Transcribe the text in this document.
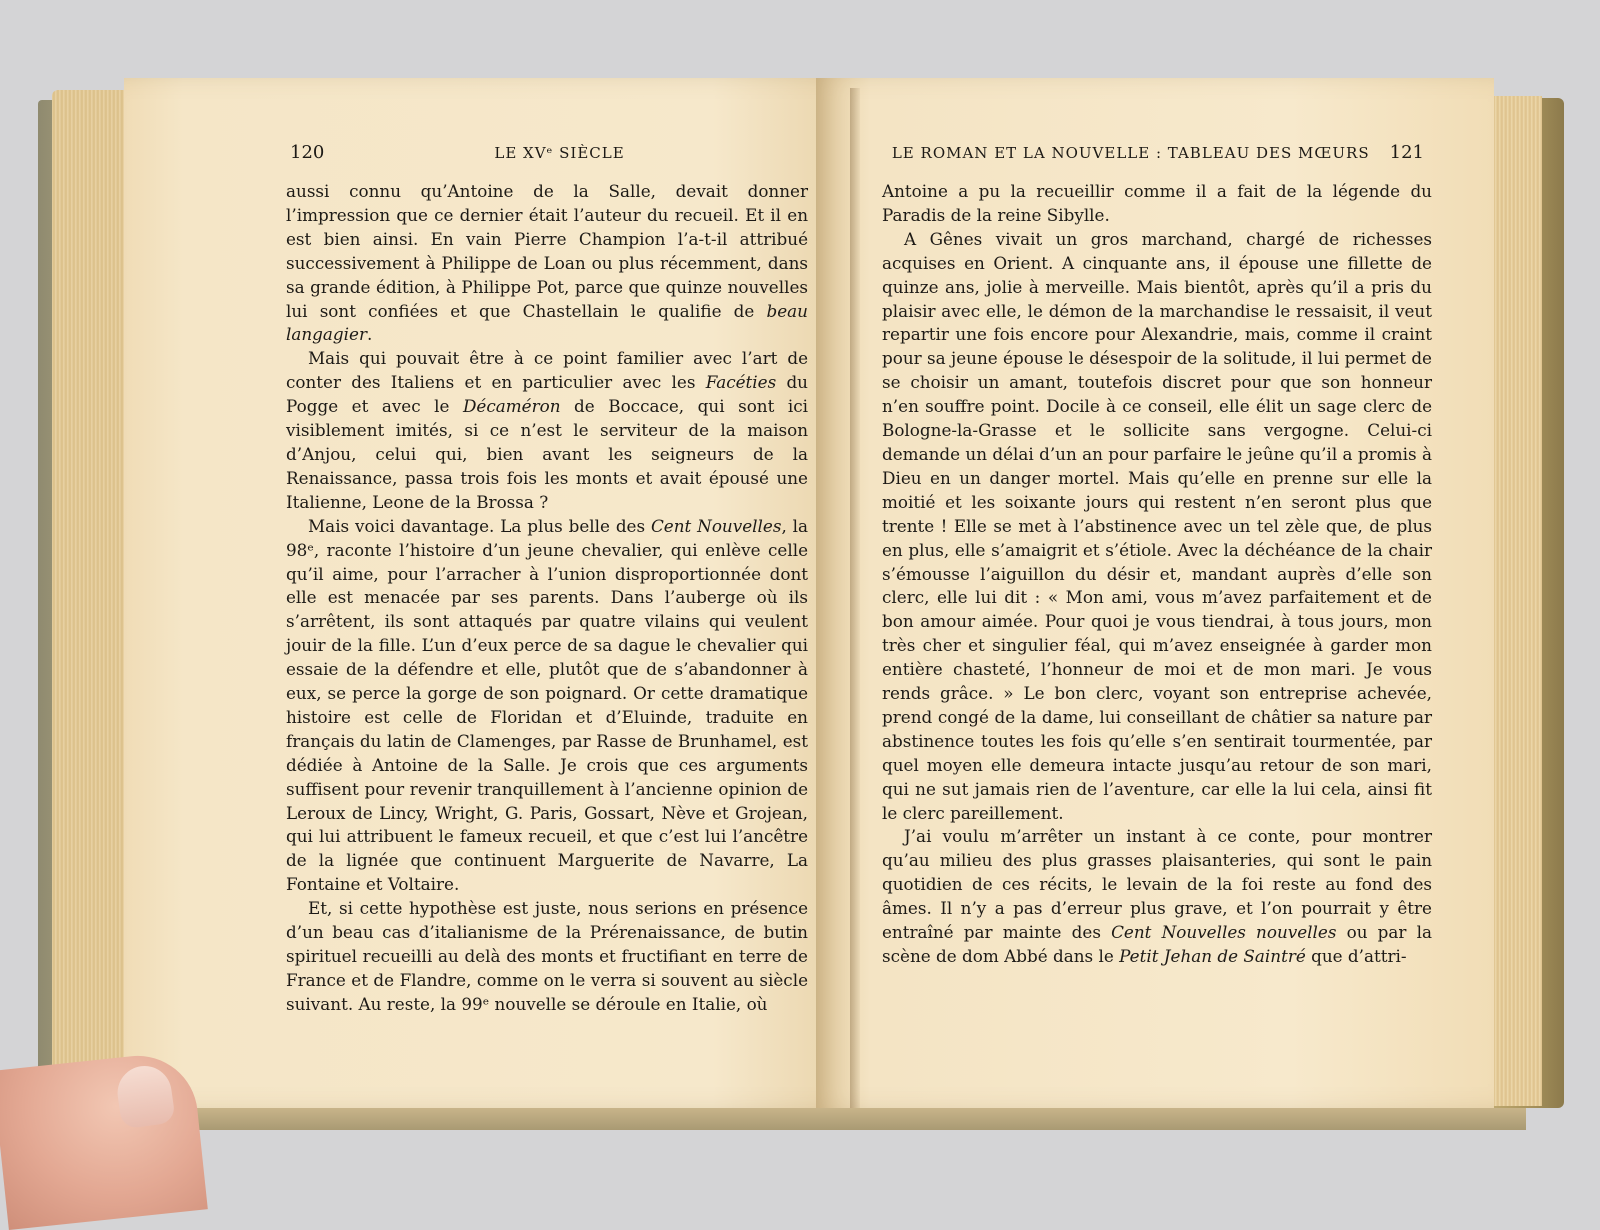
120	LE XVᵉ SIÈCLE

aussi connu qu’Antoine de la Salle, devait donner l’impression que ce dernier était l’auteur du recueil. Et il en est bien ainsi. En vain Pierre Champion l’a-t-il attribué successivement à Philippe de Loan ou plus récemment, dans sa grande édition, à Philippe Pot, parce que quinze nouvelles lui sont confiées et que Chastellain le qualifie de beau langagier.

Mais qui pouvait être à ce point familier avec l’art de conter des Italiens et en particulier avec les Facéties du Pogge et avec le Décaméron de Boccace, qui sont ici visiblement imités, si ce n’est le serviteur de la maison d’Anjou, celui qui, bien avant les seigneurs de la Renaissance, passa trois fois les monts et avait épousé une Italienne, Leone de la Brossa ?

Mais voici davantage. La plus belle des Cent Nouvelles, la 98ᵉ, raconte l’histoire d’un jeune chevalier, qui enlève celle qu’il aime, pour l’arracher à l’union disproportionnée dont elle est menacée par ses parents. Dans l’auberge où ils s’arrêtent, ils sont attaqués par quatre vilains qui veulent jouir de la fille. L’un d’eux perce de sa dague le chevalier qui essaie de la défendre et elle, plutôt que de s’abandonner à eux, se perce la gorge de son poignard. Or cette dramatique histoire est celle de Floridan et d’Eluinde, traduite en français du latin de Clamenges, par Rasse de Brunhamel, est dédiée à Antoine de la Salle. Je crois que ces arguments suffisent pour revenir tranquillement à l’ancienne opinion de Leroux de Lincy, Wright, G. Paris, Gossart, Nève et Grojean, qui lui attribuent le fameux recueil, et que c’est lui l’ancêtre de la lignée que continuent Marguerite de Navarre, La Fontaine et Voltaire.

Et, si cette hypothèse est juste, nous serions en présence d’un beau cas d’italianisme de la Prérenaissance, de butin spirituel recueilli au delà des monts et fructifiant en terre de France et de Flandre, comme on le verra si souvent au siècle suivant. Au reste, la 99ᵉ nouvelle se déroule en Italie, où

LE ROMAN ET LA NOUVELLE : TABLEAU DES MŒURS 121

Antoine a pu la recueillir comme il a fait de la légende du Paradis de la reine Sibylle.

A Gênes vivait un gros marchand, chargé de richesses acquises en Orient. A cinquante ans, il épouse une fillette de quinze ans, jolie à merveille. Mais bientôt, après qu’il a pris du plaisir avec elle, le démon de la marchandise le ressaisit, il veut repartir une fois encore pour Alexandrie, mais, comme il craint pour sa jeune épouse le désespoir de la solitude, il lui permet de se choisir un amant, toutefois discret pour que son honneur n’en souffre point. Docile à ce conseil, elle élit un sage clerc de Bologne-la-Grasse et le sollicite sans vergogne. Celui-ci demande un délai d’un an pour parfaire le jeûne qu’il a promis à Dieu en un danger mortel. Mais qu’elle en prenne sur elle la moitié et les soixante jours qui restent n’en seront plus que trente ! Elle se met à l’abstinence avec un tel zèle que, de plus en plus, elle s’amaigrit et s’étiole. Avec la déchéance de la chair s’émousse l’aiguillon du désir et, mandant auprès d’elle son clerc, elle lui dit : « Mon ami, vous m’avez parfaitement et de bon amour aimée. Pour quoi je vous tiendrai, à tous jours, mon très cher et singulier féal, qui m’avez enseignée à garder mon entière chasteté, l’honneur de moi et de mon mari. Je vous rends grâce. » Le bon clerc, voyant son entreprise achevée, prend congé de la dame, lui conseillant de châtier sa nature par abstinence toutes les fois qu’elle s’en sentirait tourmentée, par quel moyen elle demeura intacte jusqu’au retour de son mari, qui ne sut jamais rien de l’aventure, car elle la lui cela, ainsi fit le clerc pareillement.

J’ai voulu m’arrêter un instant à ce conte, pour montrer qu’au milieu des plus grasses plaisanteries, qui sont le pain quotidien de ces récits, le levain de la foi reste au fond des âmes. Il n’y a pas d’erreur plus grave, et l’on pourrait y être entraîné par mainte des Cent Nouvelles nouvelles ou par la scène de dom Abbé dans le Petit Jehan de Saintré que d’attri-
